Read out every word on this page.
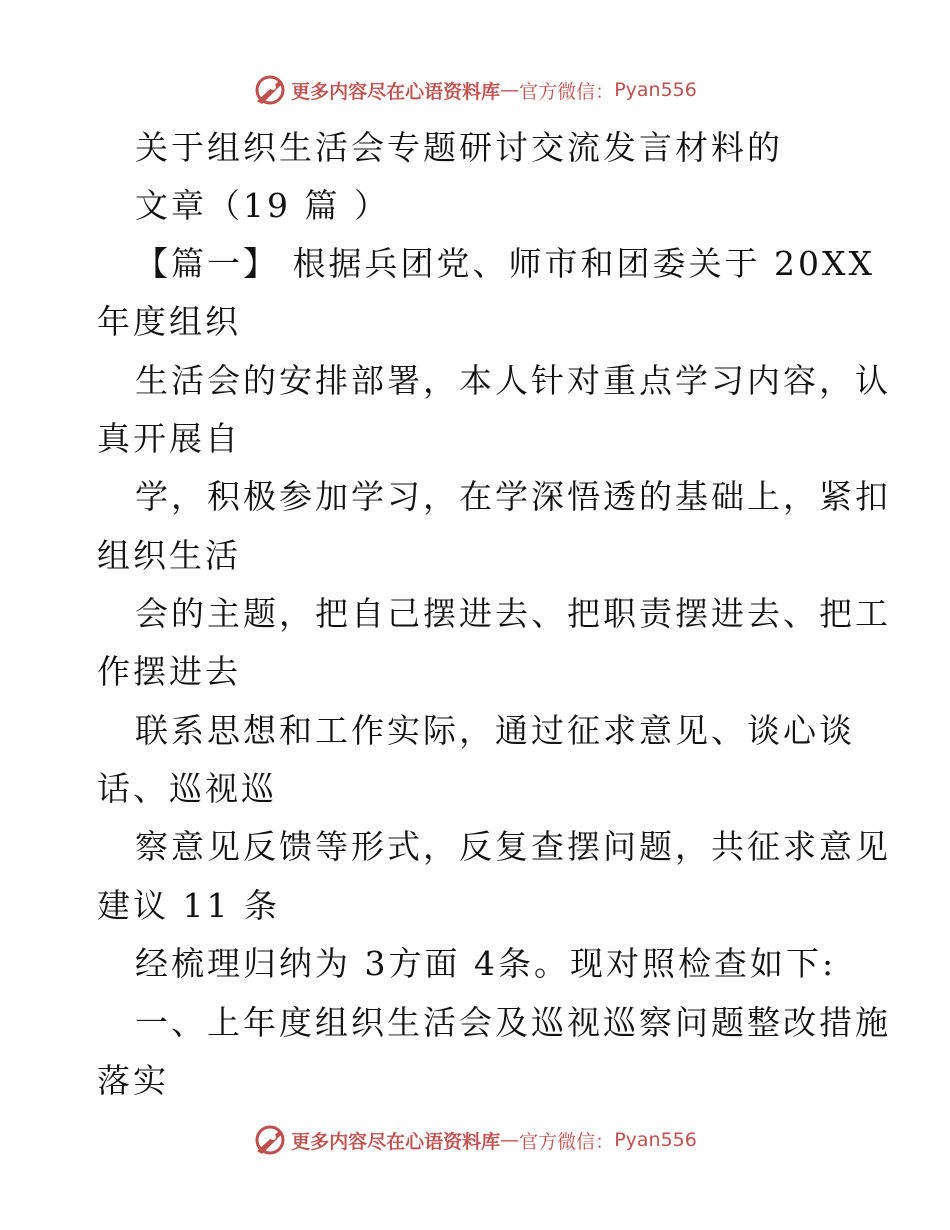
更多内容尽在心语资料库 — 官方微信： Pyan556
关于组织生活会专题研讨交流发言材料的
文章（19 篇 ）
【篇一】 根据兵团党、师市和团委关于 20XX
年度组织
生活会的安排部署，本人针对重点学习内容，认
真开展自
学，积极参加学习，在学深悟透的基础上，紧扣
组织生活
会的主题，把自己摆进去、把职责摆进去、把工
作摆进去
联系思想和工作实际，通过征求意见、谈心谈
话、巡视巡
察意见反馈等形式，反复查摆问题，共征求意见
建议 11 条
经梳理归纳为 3方面 4条。现对照检查如下:
一、上年度组织生活会及巡视巡察问题整改措施
落实
更多内容尽在心语资料库 — 官方微信： Pyan556
